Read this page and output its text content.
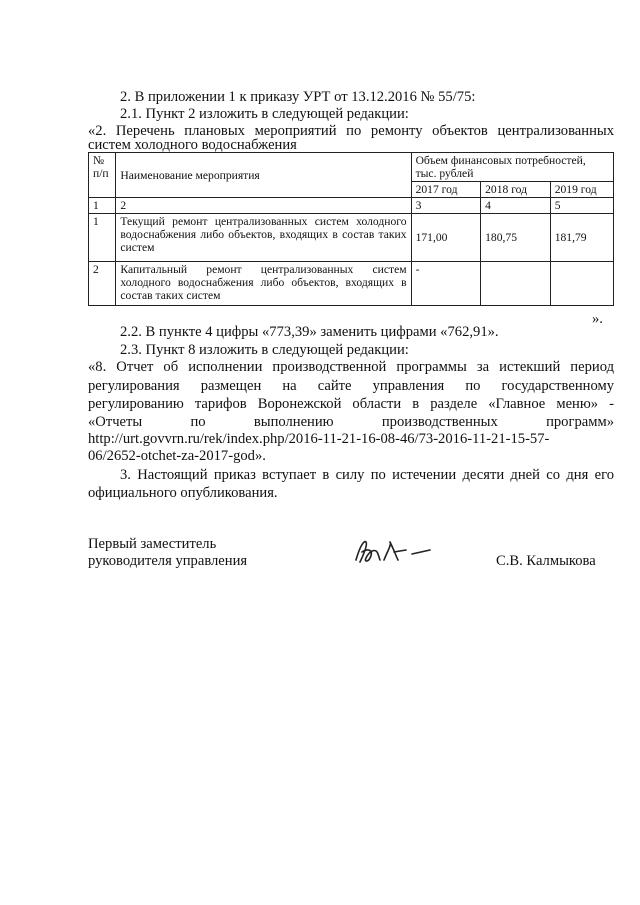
2. В приложении 1 к приказу УРТ от 13.12.2016 № 55/75:
2.1. Пункт 2 изложить в следующей редакции:
«2. Перечень плановых мероприятий по ремонту объектов централизованных
систем холодного водоснабжения
№ п/п	Наименование мероприятия	Объем финансовых потребностей, тыс. рублей		
		2017 год	2018 год	2019 год
1	2	3	4	5
1	Текущий ремонт централизованных систем холодного водоснабжения либо объектов, входящих в состав таких систем	171,00	180,75	181,79
2	Капитальный ремонт централизованных систем холодного водоснабжения либо объектов, входящих в состав таких систем	-		
».
2.2. В пункте 4 цифры «773,39» заменить цифрами «762,91».
2.3. Пункт 8 изложить в следующей редакции:
«8. Отчет об исполнении производственной программы за истекший период
регулирования размещен на сайте управления по государственному
регулированию тарифов Воронежской области в разделе «Главное меню» -
«Отчеты по выполнению производственных программ»
http://urt.govvrn.ru/rek/index.php/2016-11-21-16-08-46/73-2016-11-21-15-57-
06/2652-otchet-za-2017-god».
3. Настоящий приказ вступает в силу по истечении десяти дней со дня его
официального опубликования.
Первый заместитель
руководителя управления	С.В. Калмыкова
